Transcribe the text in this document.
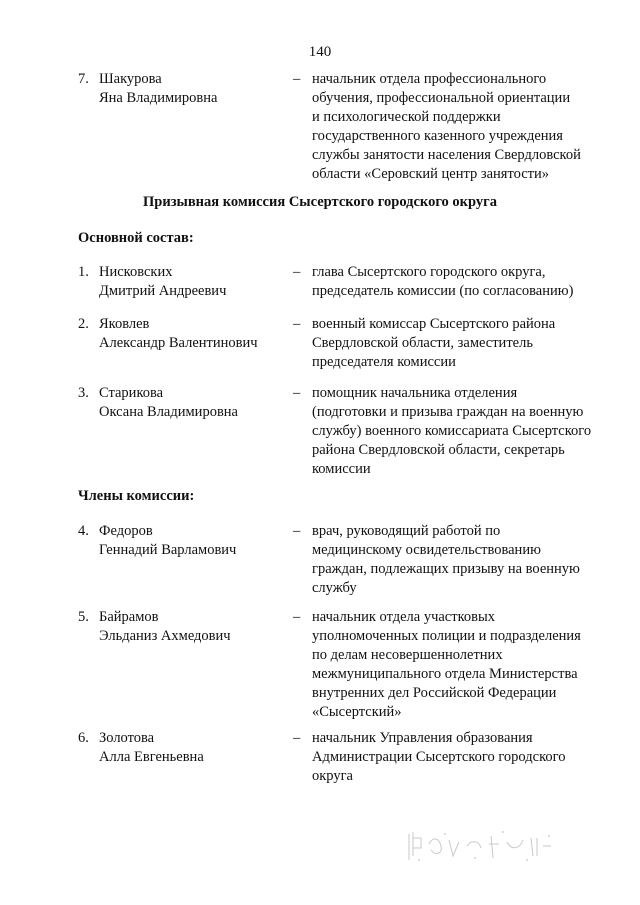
140
7. Шакурова
Яна Владимировна
– начальник отдела профессионального
обучения, профессиональной ориентации
и психологической поддержки
государственного казенного учреждения
службы занятости населения Свердловской
области «Серовский центр занятости»
Призывная комиссия Сысертского городского округа
Основной состав:
1. Нисковских
Дмитрий Андреевич
– глава Сысертского городского округа,
председатель комиссии (по согласованию)
2. Яковлев
Александр Валентинович
– военный комиссар Сысертского района
Свердловской области, заместитель
председателя комиссии
3. Старикова
Оксана Владимировна
– помощник начальника отделения
(подготовки и призыва граждан на военную
службу) военного комиссариата Сысертского
района Свердловской области, секретарь
комиссии
Члены комиссии:
4. Федоров
Геннадий Варламович
– врач, руководящий работой по
медицинскому освидетельствованию
граждан, подлежащих призыву на военную
службу
5. Байрамов
Эльданиз Ахмедович
– начальник отдела участковых
уполномоченных полиции и подразделения
по делам несовершеннолетних
межмуниципального отдела Министерства
внутренних дел Российской Федерации
«Сысертский»
6. Золотова
Алла Евгеньевна
– начальник Управления образования
Администрации Сысертского городского
округа
